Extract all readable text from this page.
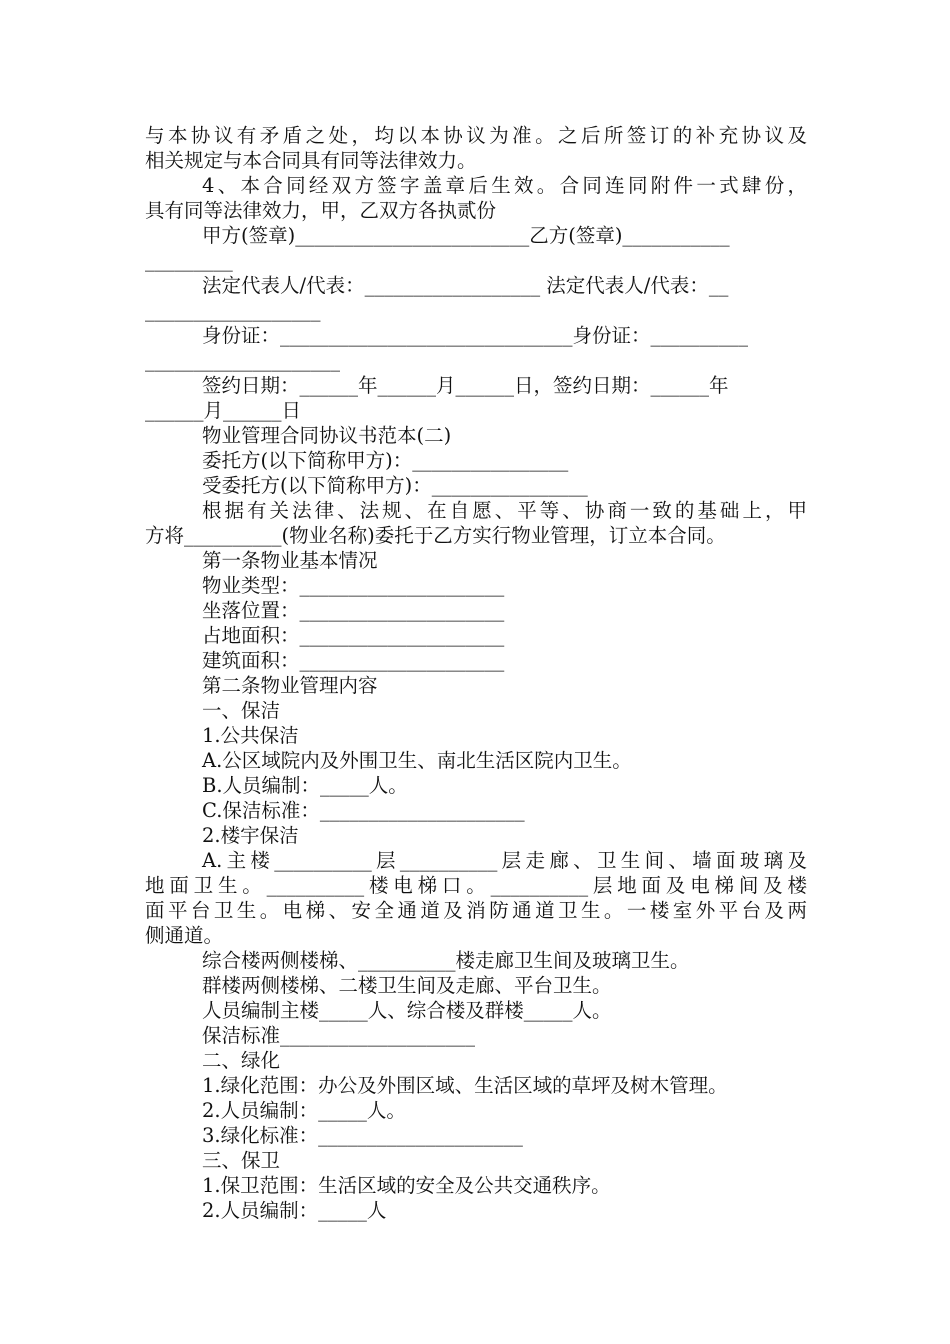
与本协议有矛盾之处，均以本协议为准。之后所签订的补充协议及
相关规定与本合同具有同等法律效力。
4、本合同经双方签字盖章后生效。合同连同附件一式肆份，
具有同等法律效力，甲，乙双方各执贰份
甲方(签章)________________________乙方(签章)___________
_________
法定代表人/代表：__________________ 法定代表人/代表：__
__________________
身份证：______________________________身份证：__________
____________________
签约日期：______年______月______日，签约日期：______年
______月______日
物业管理合同协议书范本(二)
委托方(以下简称甲方)：________________
受委托方(以下简称甲方)：________________
根据有关法律、法规、在自愿、平等、协商一致的基础上，甲
方将__________(物业名称)委托于乙方实行物业管理，订立本合同。
第一条物业基本情况
物业类型：_____________________
坐落位置：_____________________
占地面积：_____________________
建筑面积：_____________________
第二条物业管理内容
一、保洁
1.公共保洁
A.公区域院内及外围卫生、南北生活区院内卫生。
B.人员编制：_____人。
C.保洁标准：_____________________
2.楼宇保洁
A.主楼__________层__________层走廊、卫生间、墙面玻璃及
地面卫生。__________楼电梯口。__________层地面及电梯间及楼
面平台卫生。电梯、安全通道及消防通道卫生。一楼室外平台及两
侧通道。
综合楼两侧楼梯、__________楼走廊卫生间及玻璃卫生。
群楼两侧楼梯、二楼卫生间及走廊、平台卫生。
人员编制主楼_____人、综合楼及群楼_____人。
保洁标准____________________
二、绿化
1.绿化范围：办公及外围区域、生活区域的草坪及树木管理。
2.人员编制：_____人。
3.绿化标准：_____________________
三、保卫
1.保卫范围：生活区域的安全及公共交通秩序。
2.人员编制：_____人
